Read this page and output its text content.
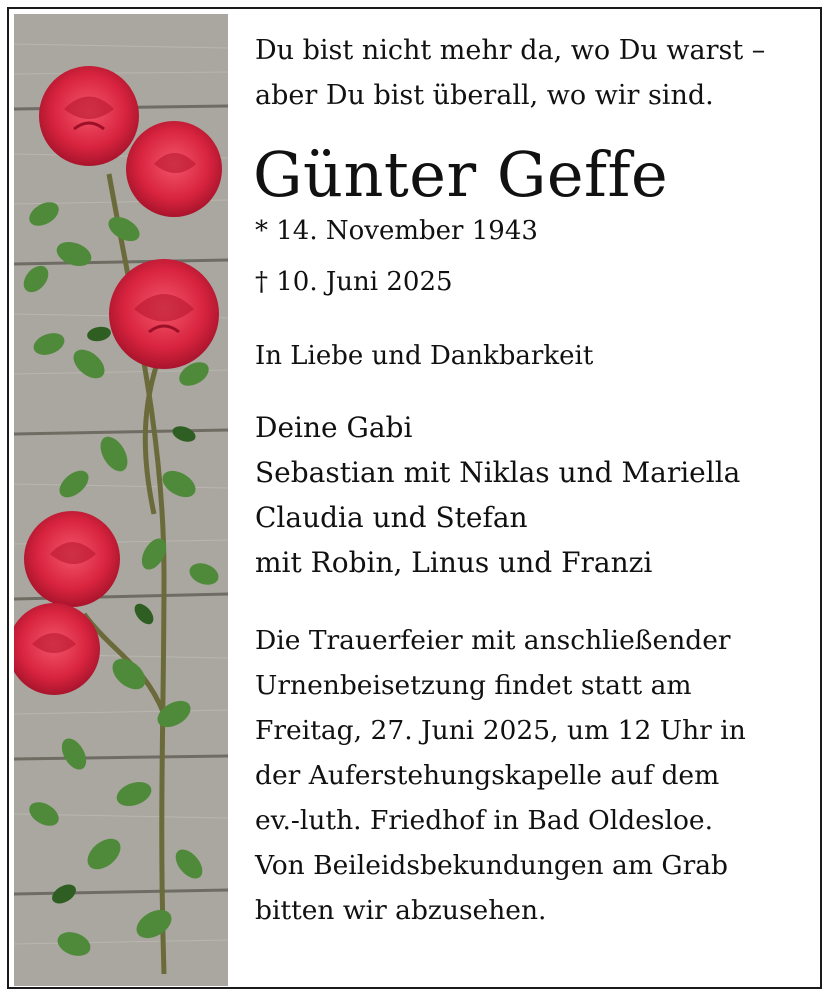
Du bist nicht mehr da, wo Du warst –

aber Du bist überall, wo wir sind.

Günter Geffe

* 14. November 1943

† 10. Juni 2025

In Liebe und Dankbarkeit

Deine Gabi
Sebastian mit Niklas und Mariella
Claudia und Stefan
mit Robin, Linus und Franzi
Die Trauerfeier mit anschließender
Urnenbeisetzung findet statt am
Freitag, 27. Juni 2025, um 12 Uhr in
der Auferstehungskapelle auf dem
ev.-luth. Friedhof in Bad Oldesloe.
Von Beileidsbekundungen am Grab
bitten wir abzusehen.
